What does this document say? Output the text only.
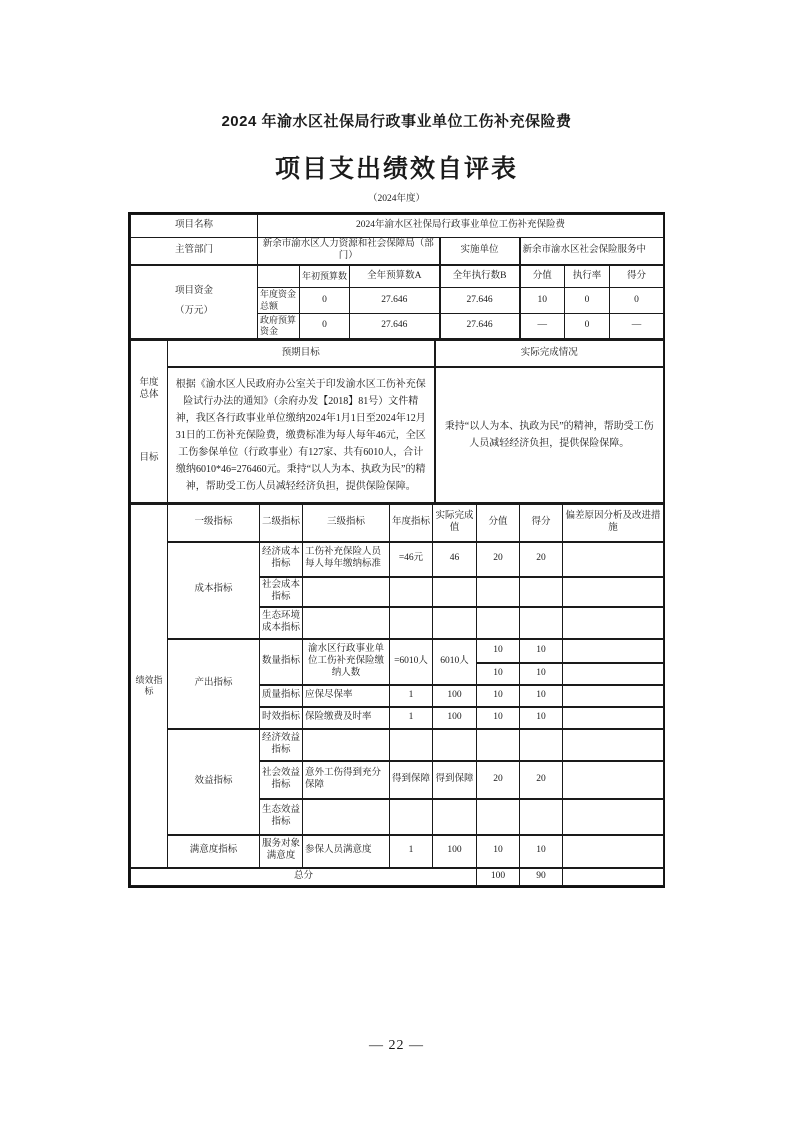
2024 年渝水区社保局行政事业单位工伤补充保险费
项目支出绩效自评表
（2024年度）
项目名称	2024年渝水区社保局行政事业单位工伤补充保险费						
主管部门	新余市渝水区人力资源和社会保障局（部门）			实施单位	新余市渝水区社会保险服务中		

项目资金
（万元）		年初预算数	全年预算数A	全年执行数B	分值	执行率	得分
	年度资金总额	0	27.646	27.646	10	0	0
	政府预算资金	0	27.646	27.646	—	0	—
年度
总体
目标	预期目标	实际完成情况
	根据《渝水区人民政府办公室关于印发渝水区工伤补充保险试行办法的通知》（余府办发【2018】81号）文件精神，我区各行政事业单位缴纳2024年1月1日至2024年12月31日的工伤补充保险费，缴费标准为每人每年46元，全区工伤参保单位（行政事业）有127家、共有6010人，合计缴纳6010*46=276460元。秉持“以人为本、执政为民”的精神，帮助受工伤人员减轻经济负担，提供保险保障。	秉持“以人为本、执政为民”的精神，帮助受工伤人员减轻经济负担，提供保险保障。
绩效指标	一级指标	二级指标	三级指标	年度指标	实际完成值	分值	得分	偏差原因分析及改进措施
	成本指标	经济成本指标	工伤补充保险人员每人每年缴纳标准	=46元	46	20	20	
		社会成本指标						
		生态环境成本指标						
	产出指标	数量指标	渝水区行政事业单位工伤补充保险缴纳人数	=6010人	6010人	10	10	
						10	10	
		质量指标	应保尽保率	1	100	10	10	
		时效指标	保险缴费及时率	1	100	10	10	
	效益指标	经济效益指标						
		社会效益指标	意外工伤得到充分保障	得到保障	得到保障	20	20	
		生态效益指标						
	满意度指标	服务对象满意度	参保人员满意度	1	100	10	10	
总分						100	90	
— 22 —
